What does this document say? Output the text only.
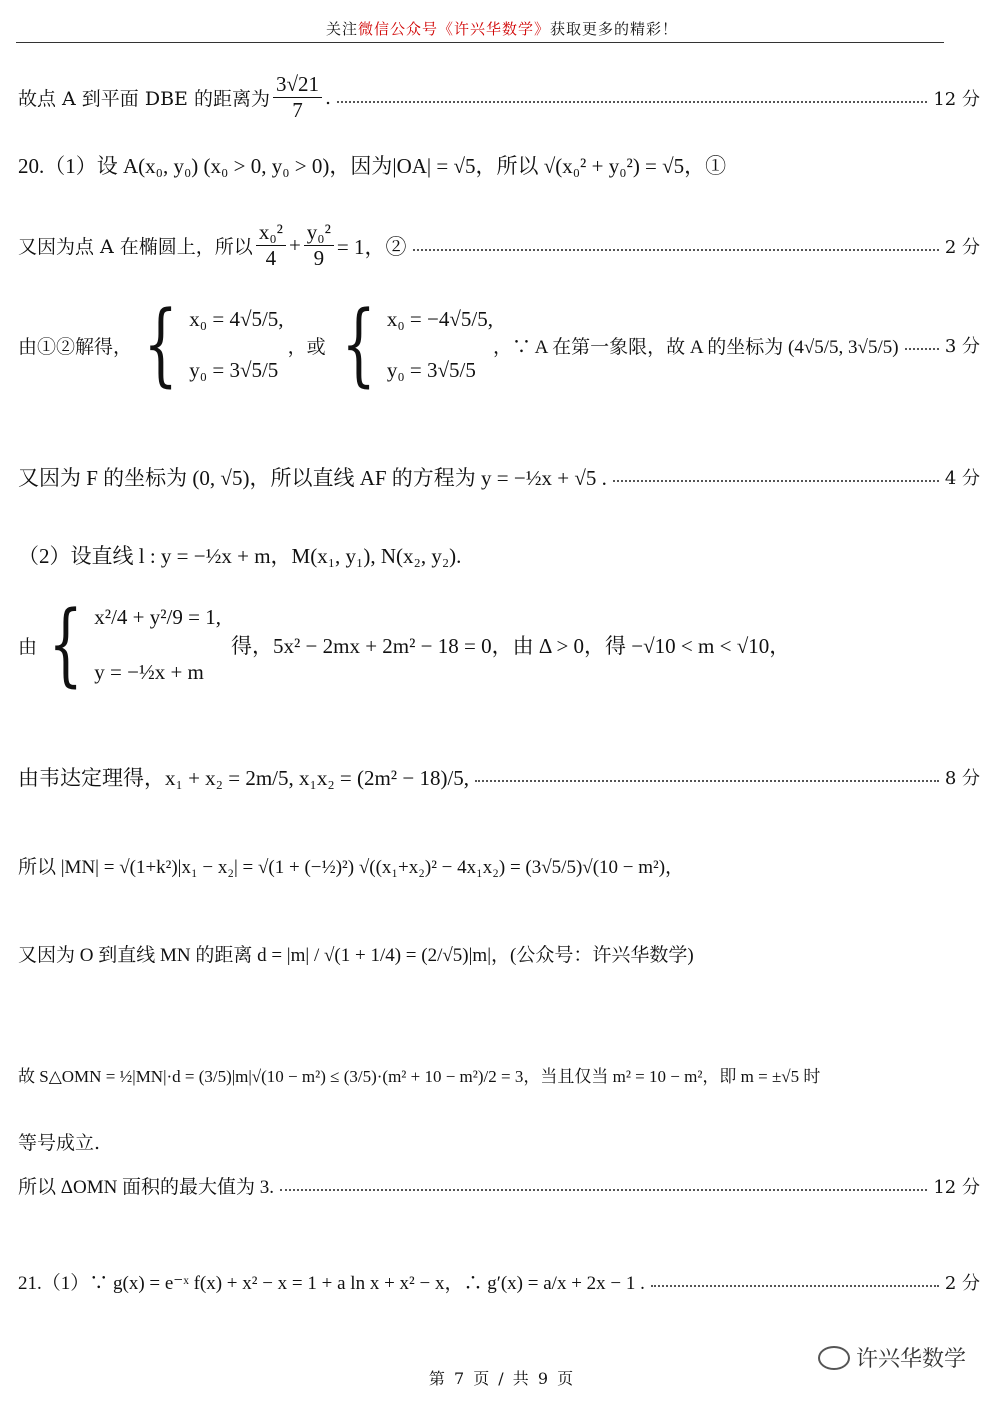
关注微信公众号《许兴华数学》获取更多的精彩！
故点 A 到平面 DBE 的距离为 $\frac{3√21}{7}$ .	12 分
20.（1）设 A(x₀, y₀) (x₀ > 0, y₀ > 0)，因为|OA| = √5，所以 √(x₀² + y₀²) = √5，①
又因为点 A 在椭圆上，所以 $\frac{\text{x₀²}}{4} + \frac{\text{y₀²}}{9} = 1$，②	2 分
由①②解得， { x₀ = 4√5/5,
y₀ = 3√5/5
，或 { x₀ = −4√5/5,
y₀ = 3√5/5
，∵ A 在第一象限，故 A 的坐标为 (4√5/5, 3√5/5)	3 分
又因为 F 的坐标为 (0, √5)，所以直线 AF 的方程为 y = −½x + √5 .	4 分
（2）设直线 l : y = −½x + m，M(x₁, y₁), N(x₂, y₂).
由 { x²/4 + y²/9 = 1,
y = −½x + m
得，5x² − 2mx + 2m² − 18 = 0，由 Δ > 0，得 −√10 < m < √10，
由韦达定理得，x₁ + x₂ = 2m/5, x₁x₂ = (2m² − 18)/5,	8 分
所以 |MN| = √(1+k²)|x₁ − x₂| = √(1 + (−½)²) √((x₁+x₂)² − 4x₁x₂) = (3√5/5)√(10 − m²)，
又因为 O 到直线 MN 的距离 d = |m| / √(1 + 1/4) = (2/√5)|m|，(公众号：许兴华数学)
故 S△OMN = ½|MN|·d = (3/5)|m|√(10 − m²) ≤ (3/5)·(m² + 10 − m²)/2 = 3，当且仅当 m² = 10 − m²，即 m = ±√5 时
等号成立.
所以 ΔOMN 面积的最大值为 3.	12 分
21.（1）∵ g(x) = e⁻ˣ f(x) + x² − x = 1 + a ln x + x² − x，∴ g′(x) = a/x + 2x − 1 .	2 分
许兴华数学
第 7 页 / 共 9 页
